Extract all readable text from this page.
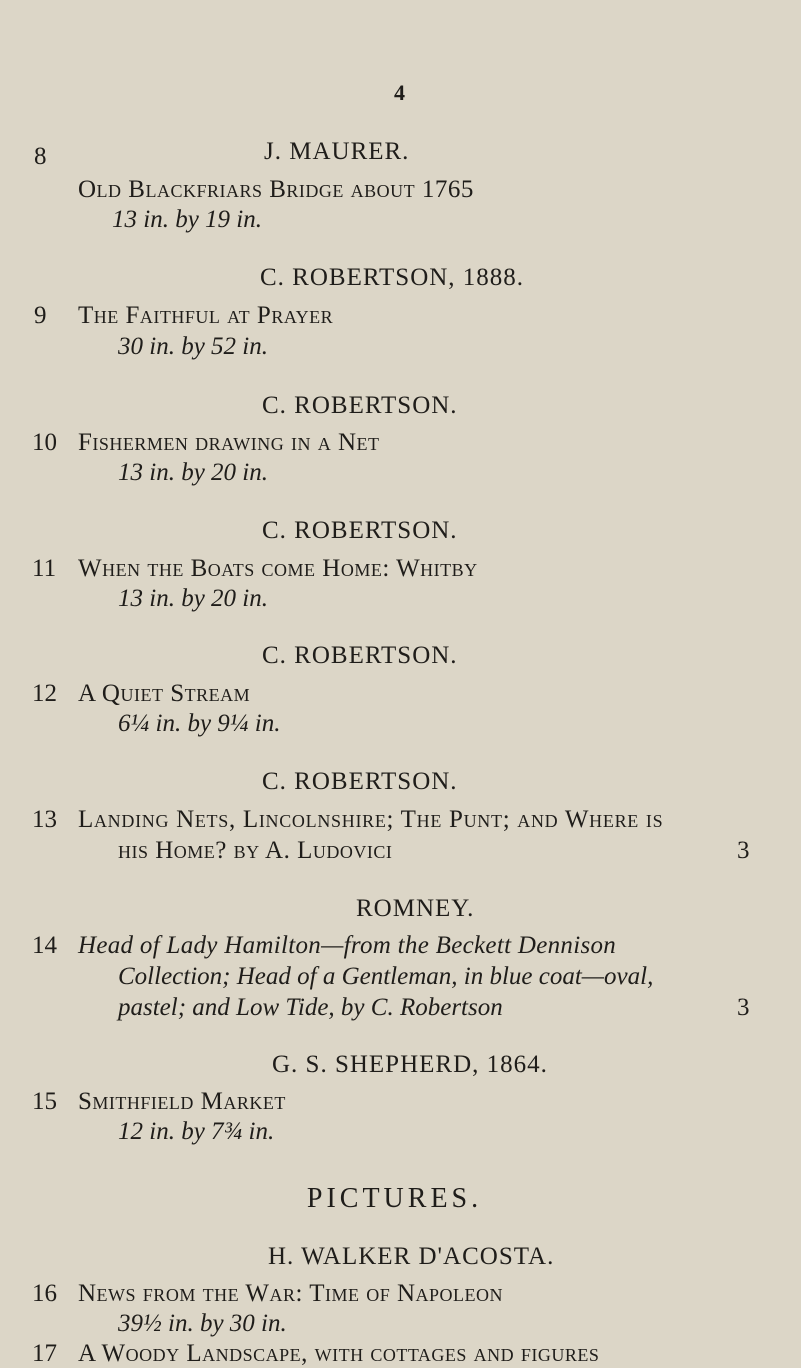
4
8	J. MAURER.
Old Blackfriars Bridge about 1765
13 in. by 19 in.
C. ROBERTSON, 1888.
9 The Faithful at Prayer
30 in. by 52 in.
C. ROBERTSON.
10 Fishermen drawing in a Net
13 in. by 20 in.
C. ROBERTSON.
11 When the Boats come Home: Whitby
13 in. by 20 in.
C. ROBERTSON.
12 A Quiet Stream
6¼ in. by 9¼ in.
C. ROBERTSON.
13 Landing Nets, Lincolnshire; The Punt; and Where is
his Home? by A. Ludovici	3
ROMNEY.
14 Head of Lady Hamilton—from the Beckett Dennison
Collection; Head of a Gentleman, in blue coat—oval,
pastel; and Low Tide, by C. Robertson	3
G. S. SHEPHERD, 1864.
15 Smithfield Market
12 in. by 7¾ in.
PICTURES.
H. WALKER D'ACOSTA.
16 News from the War: Time of Napoleon
39½ in. by 30 in.
17 A Woody Landscape, with cottages and figures
